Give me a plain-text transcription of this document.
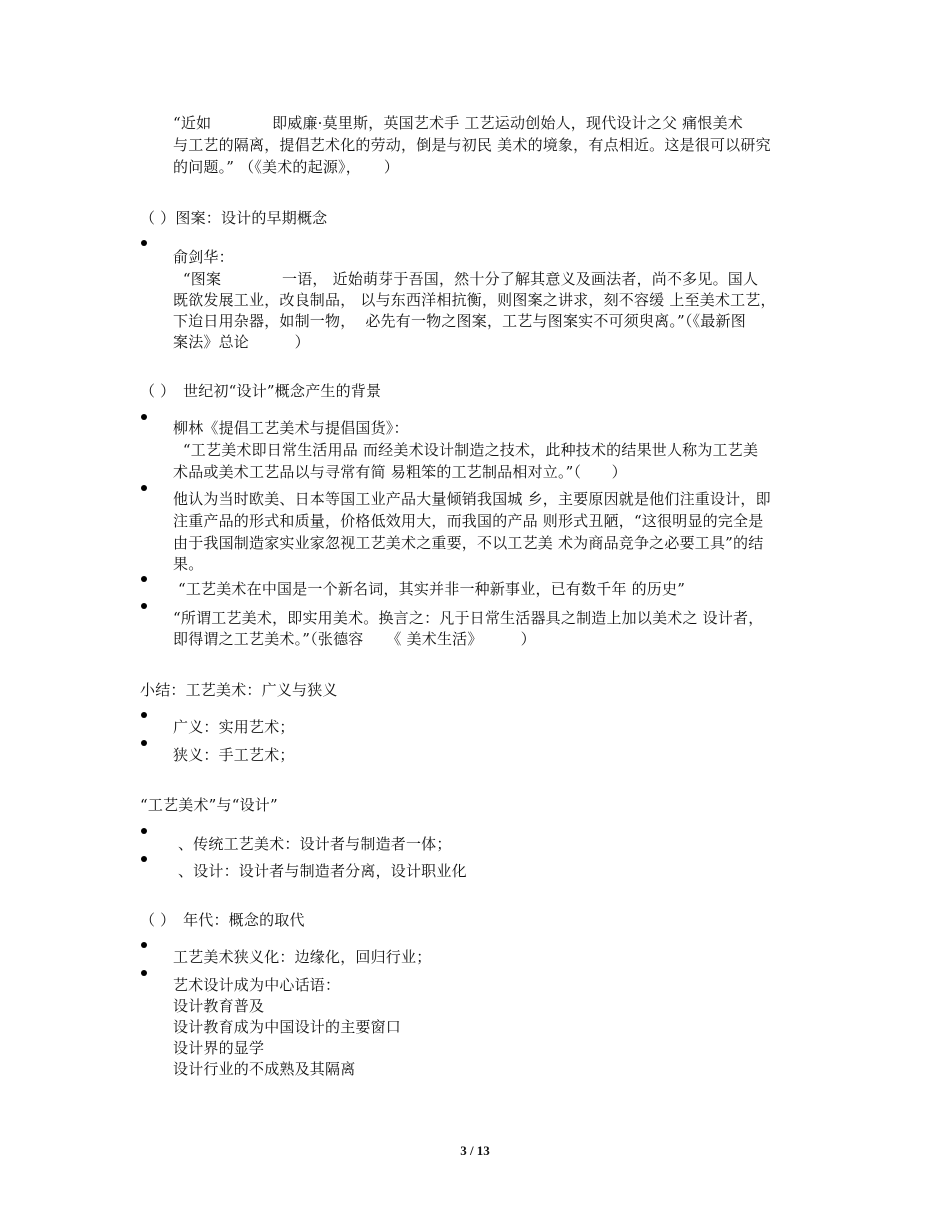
“近如　　　　即威廉·莫里斯，英国艺术手 工艺运动创始人，现代设计之父 痛恨美术
与工艺的隔离，提倡艺术化的劳动，倒是与初民 美术的境象，有点相近。这是很可以研究
的问题。” （《美术的起源》，　　）
（ ）图案：设计的早期概念
俞剑华：
“图案　　　　一语， 近始萌芽于吾国，然十分了解其意义及画法者，尚不多见。国人
既欲发展工业，改良制品， 以与东西洋相抗衡，则图案之讲求，刻不容缓 上至美术工艺，
下迨日用杂器，如制一物，  必先有一物之图案，工艺与图案实不可须臾离。”（《最新图
案法》总论　　　）
（ ）　世纪初“设计”概念产生的背景
柳林《提倡工艺美术与提倡国货》：
“工艺美术即日常生活用品 而经美术设计制造之技术，此种技术的结果世人称为工艺美
术品或美术工艺品以与寻常有简 易粗笨的工艺制品相对立。”（　　）
他认为当时欧美、日本等国工业产品大量倾销我国城 乡，主要原因就是他们注重设计，即
注重产品的形式和质量，价格低效用大，而我国的产品 则形式丑陋，“这很明显的完全是
由于我国制造家实业家忽视工艺美术之重要，不以工艺美 术为商品竞争之必要工具”的结
果。
“工艺美术在中国是一个新名词，其实并非一种新事业，已有数千年 的历史”
“所谓工艺美术，即实用美术。换言之：凡于日常生活器具之制造上加以美术之 设计者，
即得谓之工艺美术。”（张德容　　《 美术生活》　　　）
小结：工艺美术：广义与狭义
广义：实用艺术；
狭义：手工艺术；
“工艺美术”与“设计”
、传统工艺美术：设计者与制造者一体；
、设计：设计者与制造者分离，设计职业化
（ ）　年代：概念的取代
工艺美术狭义化：边缘化，回归行业；
艺术设计成为中心话语：
设计教育普及
设计教育成为中国设计的主要窗口
设计界的显学
设计行业的不成熟及其隔离
3 / 13
